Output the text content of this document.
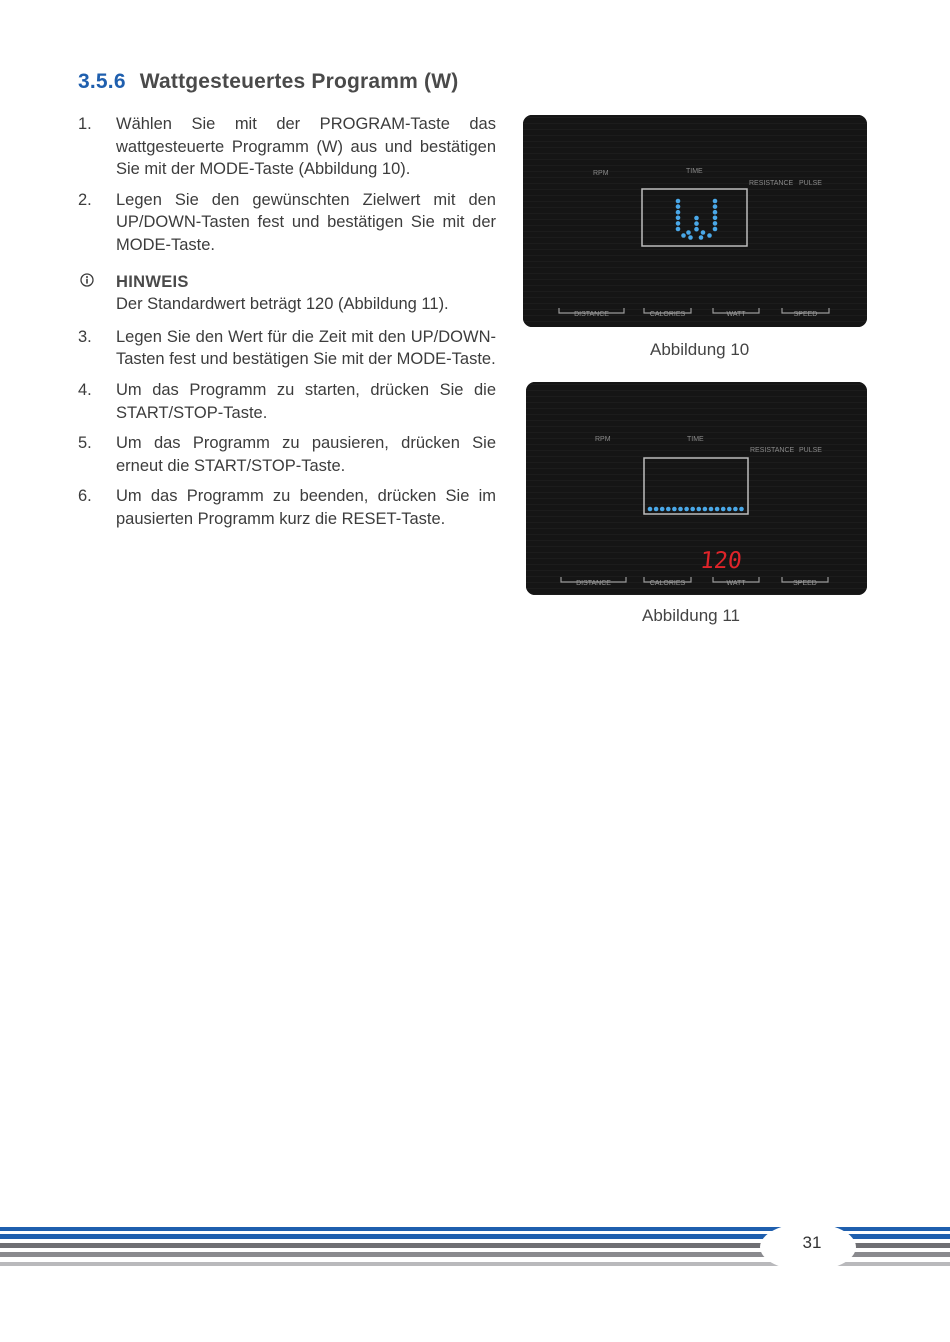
3.5.6 Wattgesteuertes Programm (W)
1. Wählen Sie mit der PROGRAM-Taste das wattgesteuerte Programm (W) aus und bestätigen Sie mit der MODE-Taste (Abbildung 10).
2. Legen Sie den gewünschten Zielwert mit den UP/DOWN-Tasten fest und bestätigen Sie mit der MODE-Taste.
HINWEIS
Der Standardwert beträgt 120 (Abbildung 11).
3. Legen Sie den Wert für die Zeit mit den UP/DOWN-Tasten fest und bestätigen Sie mit der MODE-Taste.
4. Um das Programm zu starten, drücken Sie die START/STOP-Taste.
5. Um das Programm zu pausieren, drücken Sie erneut die START/STOP-Taste.
6. Um das Programm zu beenden, drücken Sie im pausierten Programm kurz die RESET-Taste.
RPM	TIME
RESISTANCE PULSE
DISTANCE	CALORIES	WATT	SPEED
Abbildung 10
RPM	TIME
RESISTANCE PULSE
120
DISTANCE	CALORIES	WATT	SPEED
Abbildung 11
31
